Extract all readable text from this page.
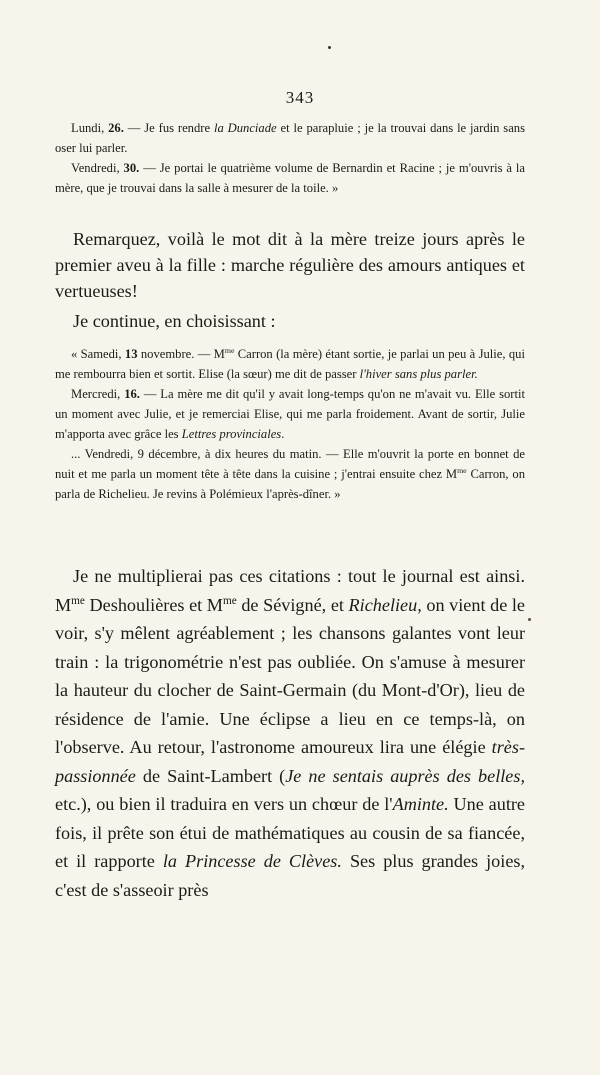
343

Lundi, 26. — Je fus rendre la Dunciade et le parapluie ; je la trouvai dans le jardin sans oser lui parler.

Vendredi, 30. — Je portai le quatrième volume de Bernardin et Racine ; je m'ouvris à la mère, que je trouvai dans la salle à mesurer de la toile. »

Remarquez, voilà le mot dit à la mère treize jours après le premier aveu à la fille : marche régulière des amours antiques et vertueuses!

Je continue, en choisissant :

« Samedi, 13 novembre. — $M^{me}$ Carron (la mère) étant sortie, je parlai un peu à Julie, qui me rembourra bien et sortit. Elise (la sœur) me dit de passer l'hiver sans plus parler.

Mercredi, 16. — La mère me dit qu'il y avait long-temps qu'on ne m'avait vu. Elle sortit un moment avec Julie, et je remerciai Elise, qui me parla froidement. Avant de sortir, Julie m'apporta avec grâce les Lettres provinciales.

... Vendredi, 9 décembre, à dix heures du matin. — Elle m'ouvrit la porte en bonnet de nuit et me parla un moment tête à tête dans la cuisine ; j'entrai ensuite chez $M^{me}$ Carron, on parla de Richelieu. Je revins à Polémieux l'après-dîner. »

Je ne multiplierai pas ces citations : tout le journal est ainsi. $M^{me}$ Deshoulières et $M^{me}$ de Sévigné, et Richelieu, on vient de le voir, s'y mêlent agréablement ; les chansons galantes vont leur train : la trigonométrie n'est pas oubliée. On s'amuse à mesurer la hauteur du clocher de Saint-Germain (du Mont-d'Or), lieu de résidence de l'amie. Une éclipse a lieu en ce temps-là, on l'observe. Au retour, l'astronome amoureux lira une élégie très-passionnée de Saint-Lambert (Je ne sentais auprès des belles, etc.), ou bien il traduira en vers un chœur de l'Aminte. Une autre fois, il prête son étui de mathématiques au cousin de sa fiancée, et il rapporte la Princesse de Clèves. Ses plus grandes joies, c'est de s'asseoir près
